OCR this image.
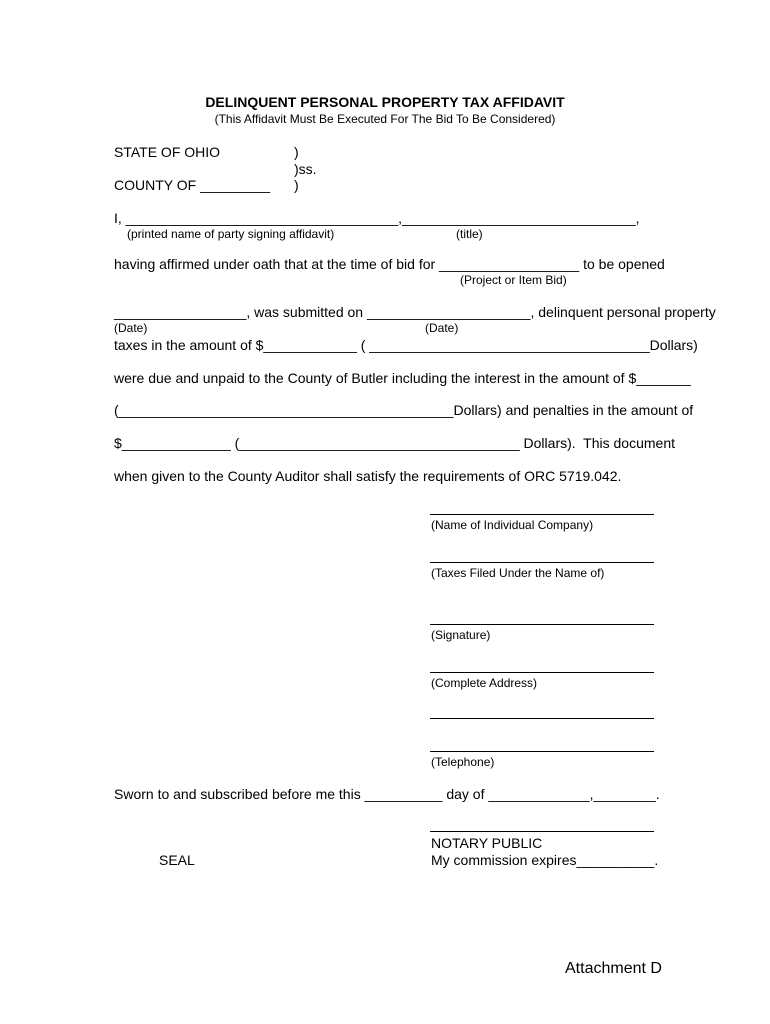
DELINQUENT PERSONAL PROPERTY TAX AFFIDAVIT
(This Affidavit Must Be Executed For The Bid To Be Considered)
STATE OF OHIO	)
)ss.
COUNTY OF _________ )
I, ___________________________________,______________________________,
(printed name of party signing affidavit)	(title)
having affirmed under oath that at the time of bid for __________________ to be opened
(Project or Item Bid)
_________________, was submitted on _____________________, delinquent personal property
(Date)	(Date)
taxes in the amount of $____________ ( ____________________________________Dollars)
were due and unpaid to the County of Butler including the interest in the amount of $_______
(___________________________________________Dollars) and penalties in the amount of
$______________ (____________________________________ Dollars).  This document
when given to the County Auditor shall satisfy the requirements of ORC 5719.042.
(Name of Individual Company)
(Taxes Filed Under the Name of)
(Signature)
(Complete Address)
(Telephone)
Sworn to and subscribed before me this __________ day of _____________,________.
NOTARY PUBLIC
My commission expires__________.
SEAL
Attachment D
